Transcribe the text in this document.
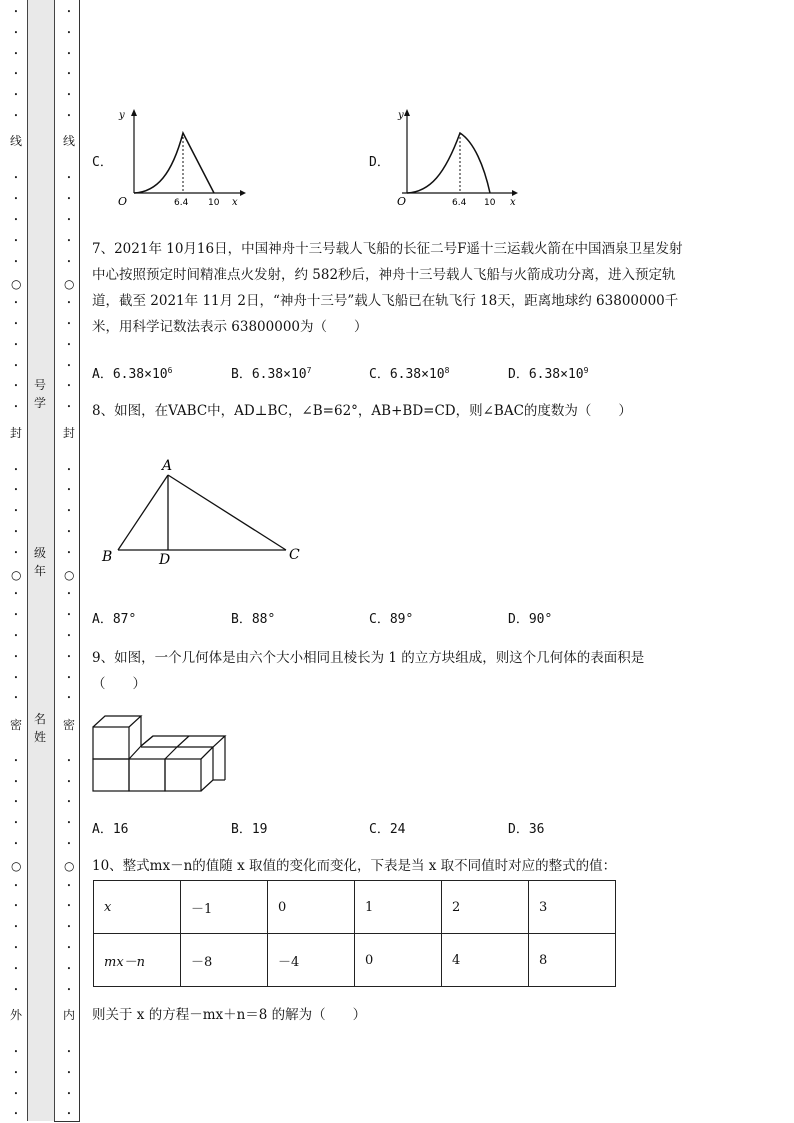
•
•
•
•
•
•
•
•
•
•
•
•
•
•
•
•
•
•
•
•
•
•
•
•
•
•
•
•
•
•
•
•
•
•
•
•
•
•
•
•
•
•
•
○
○
○
•
•
•
•
•
•
•
•
•
•
•
•
•
•
•
•
•
•
•
•
•
•
•
•
•
•
•
•
•
•
•
•
•
•
•
•
•
•
•
•
•
•
•
○
○
○
线
封
密
外
线
封
密
内
号
学
级
年
名
姓
C．
y
O	6.4 10 x
D．
y
O	6.4 10 x
7、2021年 10月16日，中国神舟十三号载人飞船的长征二号F遥十三运载火箭在中国酒泉卫星发射
中心按照预定时间精准点火发射，约 582秒后，神舟十三号载人飞船与火箭成功分离，进入预定轨
道，截至 2021年 11月 2日，“神舟十三号”载人飞船已在轨飞行 18天，距离地球约 63800000千
米，用科学记数法表示 63800000为（　　）
A．$6.38\times 10^6$	B．$6.38\times 10^7$	C．$6.38\times 10^8$	D．$6.38\times 10^9$
8、如图，在VABC中，AD⊥BC，∠B=62°，AB+BD=CD，则∠BAC的度数为（　　）
A
B	D	C
A．87°	B．88°	C．89°	D．90°
9、如图，一个几何体是由六个大小相同且棱长为 1 的立方块组成，则这个几何体的表面积是
（　　）
A．16	B．19	C．24	D．36
10、整式mx－n的值随 x 取值的变化而变化，下表是当 x 取不同值时对应的整式的值：
x	－1	0	1	2	3
mx－n	－8	－4	0	4	8
则关于 x 的方程－mx＋n＝8 的解为（　　）
